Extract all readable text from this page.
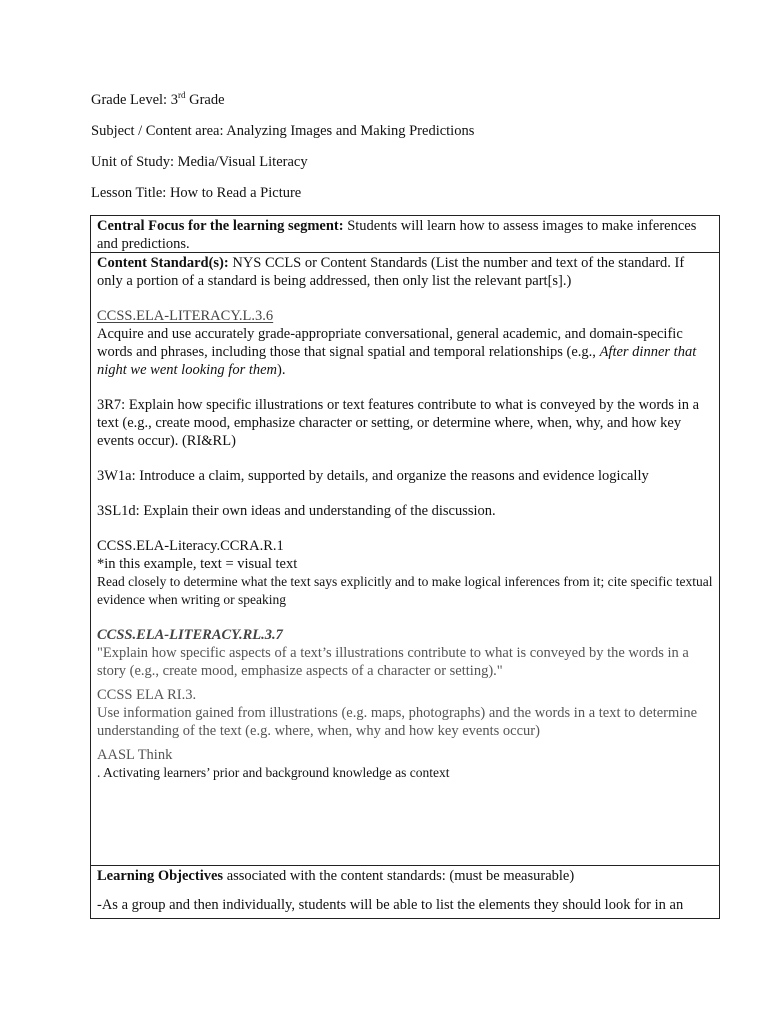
Grade Level: 3rd Grade
Subject / Content area: Analyzing Images and Making Predictions
Unit of Study: Media/Visual Literacy
Lesson Title: How to Read a Picture
Central Focus for the learning segment: Students will learn how to assess images to make inferences and predictions.

Content Standard(s): NYS CCLS or Content Standards (List the number and text of the standard. If only a portion of a standard is being addressed, then only list the relevant part[s].)

CCSS.ELA-LITERACY.L.3.6

Acquire and use accurately grade-appropriate conversational, general academic, and domain-specific words and phrases, including those that signal spatial and temporal relationships (e.g., After dinner that night we went looking for them).

3R7: Explain how specific illustrations or text features contribute to what is conveyed by the words in a text (e.g., create mood, emphasize character or setting, or determine where, when, why, and how key events occur). (RI&RL)

3W1a: Introduce a claim, supported by details, and organize the reasons and evidence logically

3SL1d: Explain their own ideas and understanding of the discussion.

CCSS.ELA-Literacy.CCRA.R.1

*in this example, text = visual text

Read closely to determine what the text says explicitly and to make logical inferences from it; cite specific textual evidence when writing or speaking

CCSS.ELA-LITERACY.RL.3.7

"Explain how specific aspects of a text’s illustrations contribute to what is conveyed by the words in a story (e.g., create mood, emphasize aspects of a character or setting)."

CCSS ELA RI.3.

Use information gained from illustrations (e.g. maps, photographs) and the words in a text to determine understanding of the text (e.g. where, when, why and how key events occur)

AASL Think

. Activating learners’ prior and background knowledge as context

Learning Objectives associated with the content standards: (must be measurable)

-As a group and then individually, students will be able to list the elements they should look for in an
